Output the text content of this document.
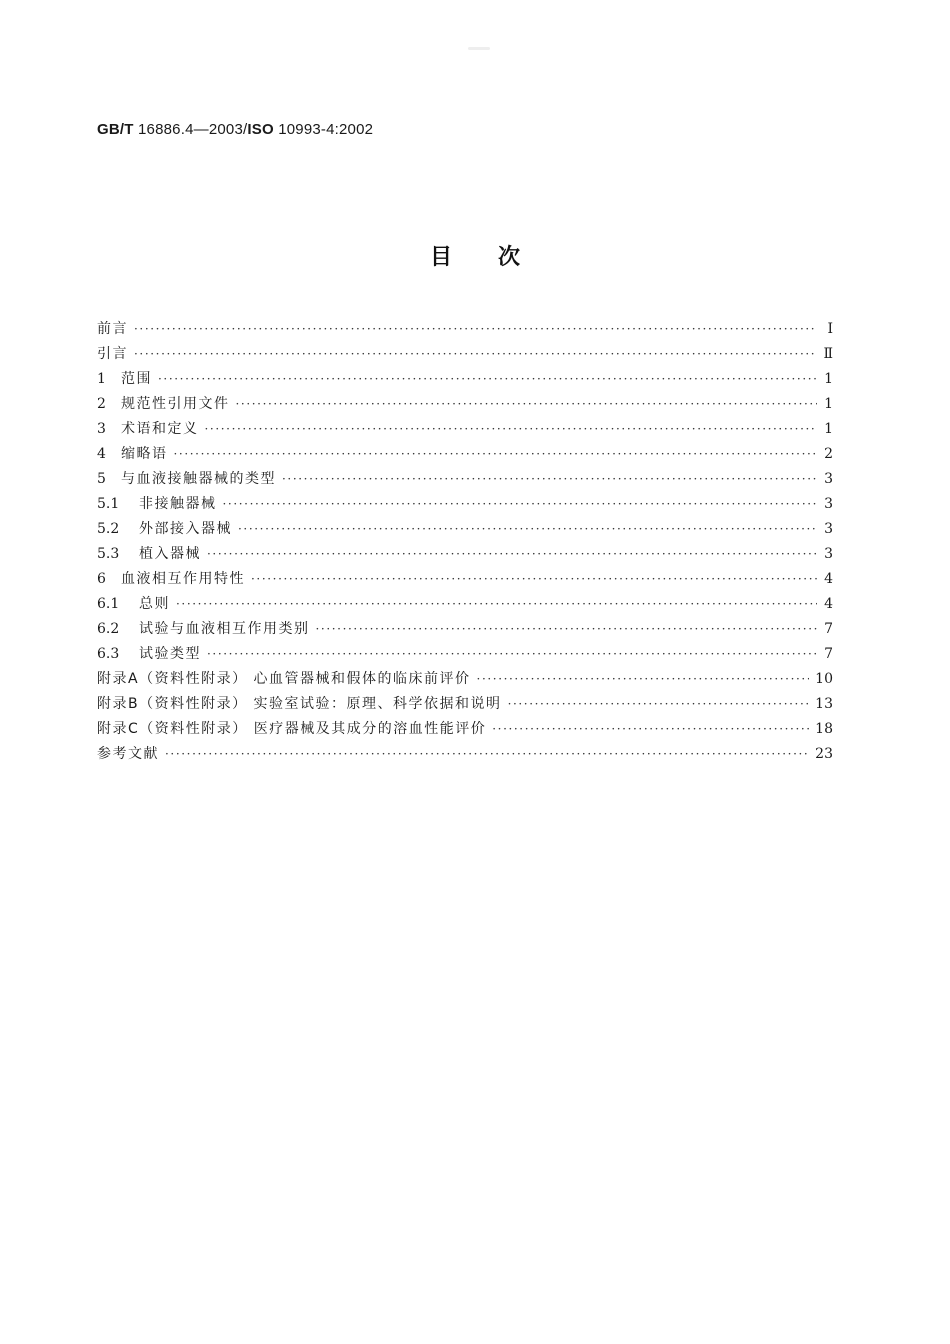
GB/T 16886.4—2003/ISO 10993-4:2002
目 次
前言 ·····	I
引言 ·····	Ⅱ
1	范围 ·····	1
2	规范性引用文件 ·····	1
3	术语和定义 ·····	1
4	缩略语 ·····	2
5	与血液接触器械的类型 ·····	3
5.1	非接触器械 ·····	3
5.2	外部接入器械 ·····	3
5.3	植入器械 ·····	3
6	血液相互作用特性 ·····	4
6.1	总则 ·····	4
6.2	试验与血液相互作用类别 ·····	7
6.3	试验类型 ·····	7
附录A（资料性附录） 心血管器械和假体的临床前评价 ·····	10
附录B（资料性附录） 实验室试验：原理、科学依据和说明 ·····	13
附录C（资料性附录） 医疗器械及其成分的溶血性能评价 ·····	18
参考文献 ·····	23
